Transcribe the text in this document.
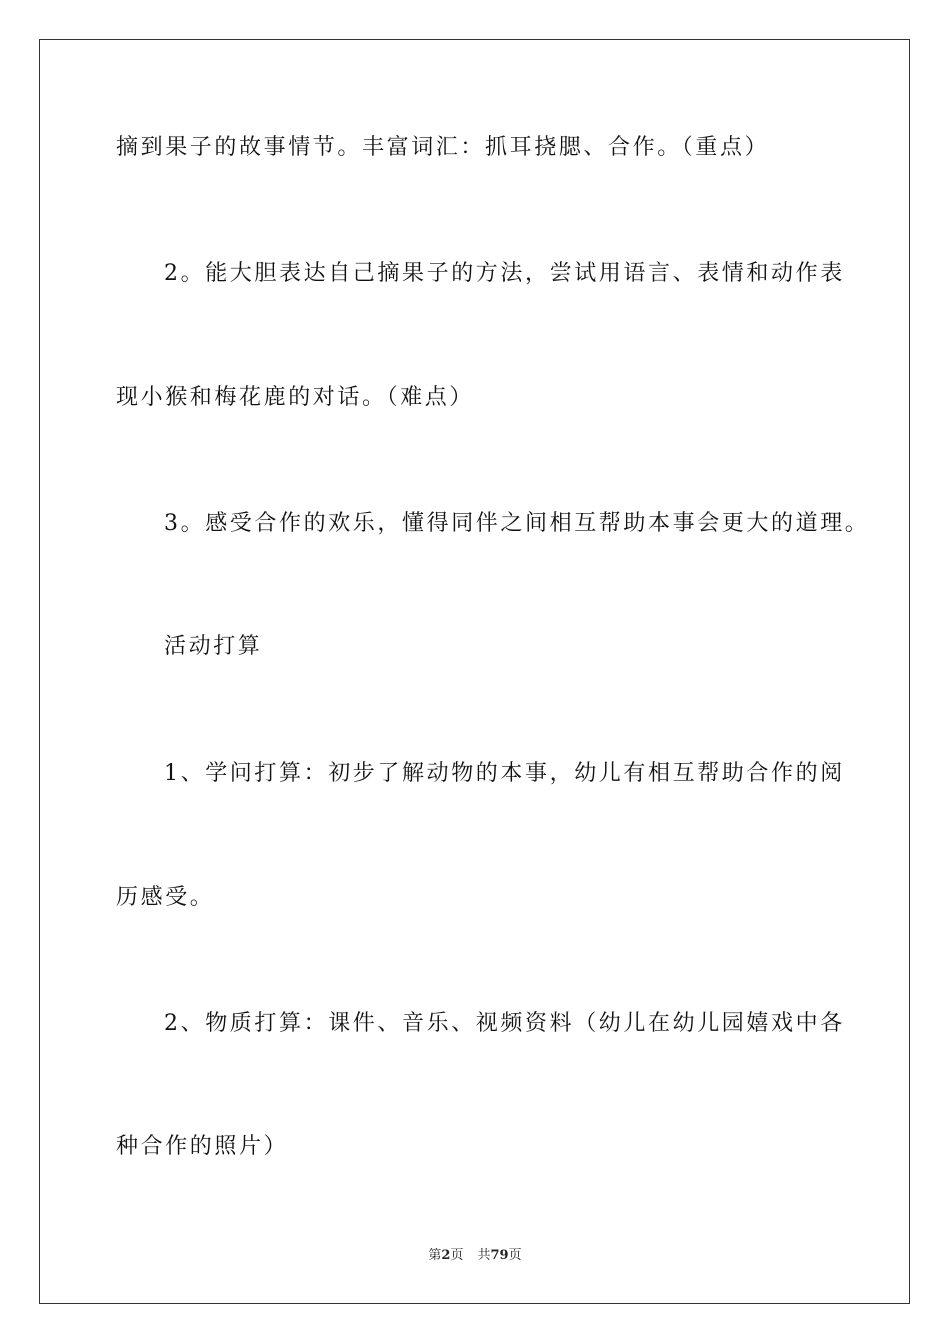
摘到果子的故事情节。丰富词汇：抓耳挠腮、合作。（重点）
2。能大胆表达自己摘果子的方法，尝试用语言、表情和动作表
现小猴和梅花鹿的对话。（难点）
3。感受合作的欢乐，懂得同伴之间相互帮助本事会更大的道理。
活动打算
1、学问打算：初步了解动物的本事，幼儿有相互帮助合作的阅
历感受。
2、物质打算：课件、音乐、视频资料（幼儿在幼儿园嬉戏中各
种合作的照片）
第2页 共79页
